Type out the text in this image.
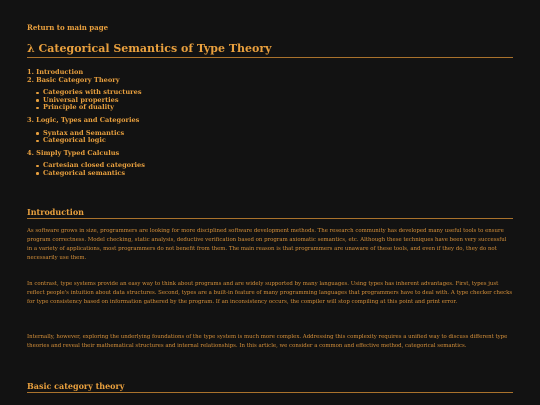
Return to main page
λ Categorical Semantics of Type Theory
1. Introduction
2. Basic Category Theory
Categories with structures
Universal properties
Principle of duality
3. Logic, Types and Categories
Syntax and Semantics
Categorical logic
4. Simply Typed Calculus
Cartesian closed categories
Categorical semantics
Introduction

As software grows in size, programmers are looking for more disciplined software development methods. The research community has developed many useful tools to ensure program correctness. Model checking, static analysis, deductive verification based on program axiomatic semantics, etc. Although these techniques have been very successful in a variety of applications, most programmers do not benefit from them. The main reason is that programmers are unaware of these tools, and even if they do, they do not necessarily use them.

In contrast, type systems provide an easy way to think about programs and are widely supported by many languages. Using types has inherent advantages. First, types just reflect people's intuition about data structures. Second, types are a built-in feature of many programming languages that programmers have to deal with. A type checker checks for type consistency based on information gathered by the program. If an inconsistency occurs, the compiler will stop compiling at this point and print error.

Internally, however, exploring the underlying foundations of the type system is much more complex. Addressing this complexity requires a unified way to discuss different type theories and reveal their mathematical structures and internal relationships. In this article, we consider a common and effective method, categorical semantics.

Basic category theory
